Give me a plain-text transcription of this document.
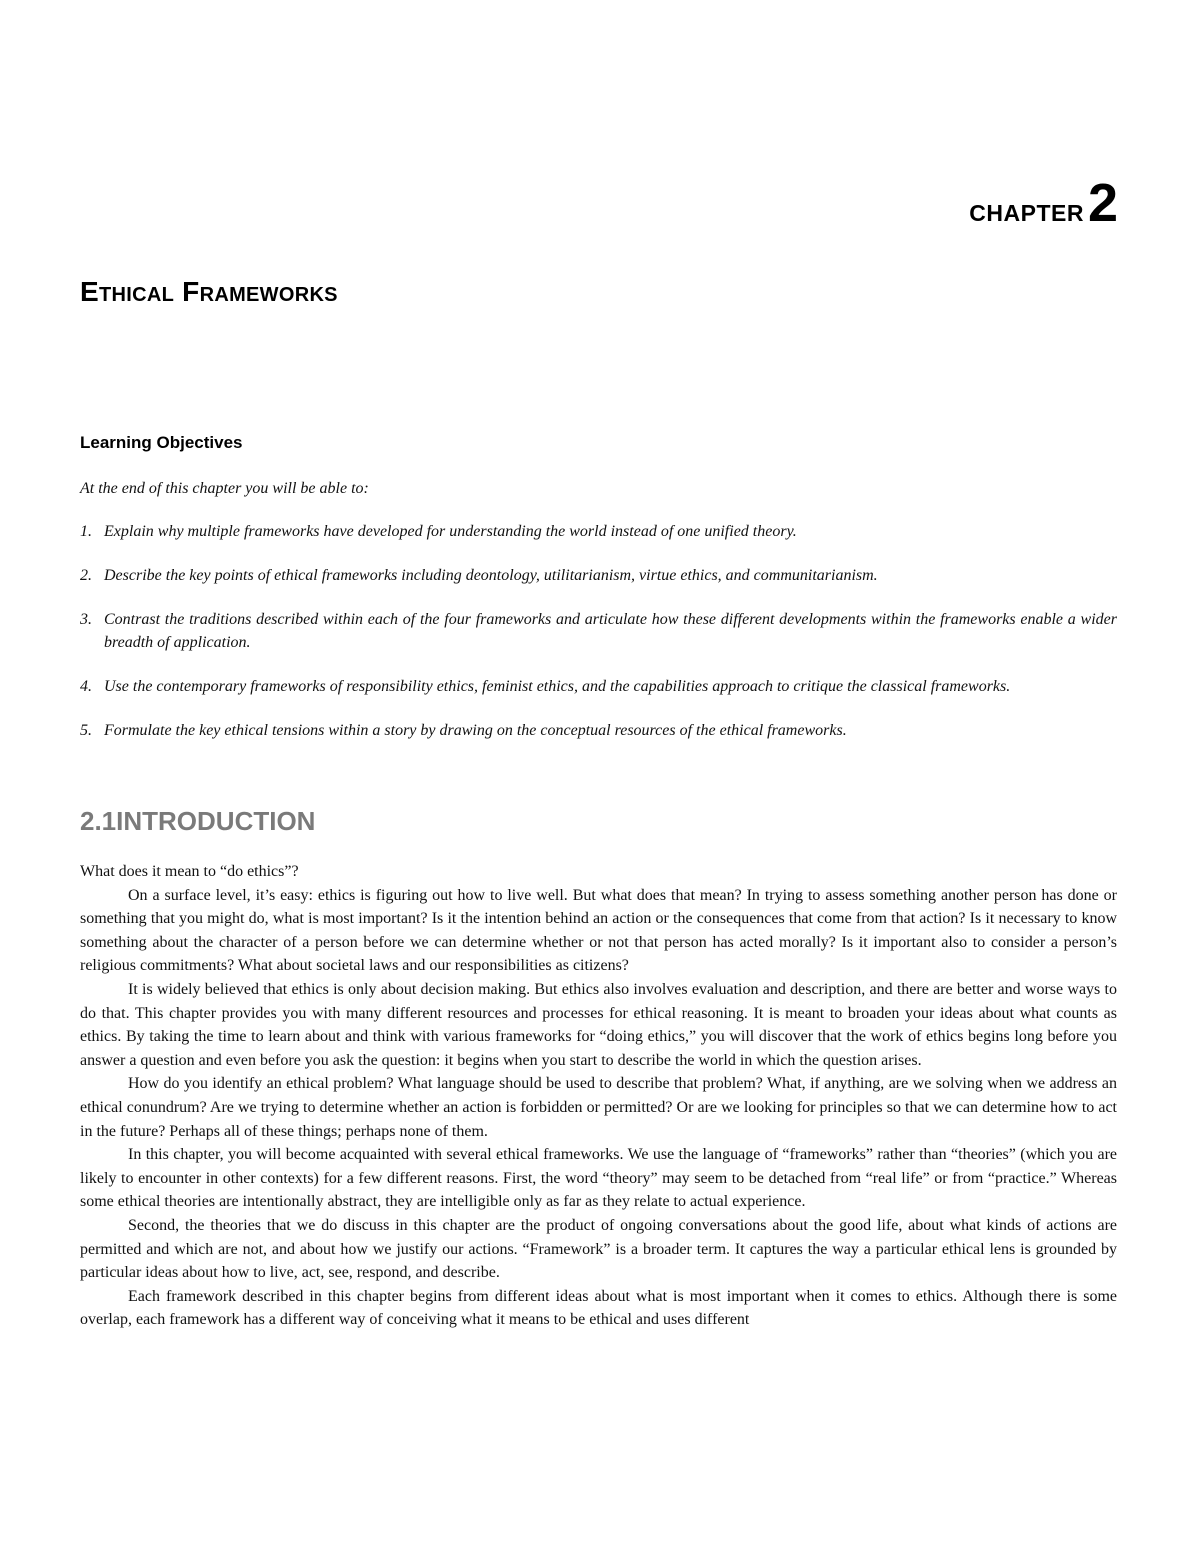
CHAPTER2
Ethical Frameworks
Learning Objectives

At the end of this chapter you will be able to:

1. Explain why multiple frameworks have developed for understanding the world instead of one unified theory.
2. Describe the key points of ethical frameworks including deontology, utilitarianism, virtue ethics, and communitarianism.
3. Contrast the traditions described within each of the four frameworks and articulate how these different developments within the frameworks enable a wider breadth of application.
4. Use the contemporary frameworks of responsibility ethics, feminist ethics, and the capabilities approach to critique the classical frameworks.
5. Formulate the key ethical tensions within a story by drawing on the conceptual resources of the ethical frameworks.
2.1INTRODUCTION

What does it mean to “do ethics”?

On a surface level, it’s easy: ethics is figuring out how to live well. But what does that mean? In trying to assess something another person has done or something that you might do, what is most important? Is it the intention behind an action or the consequences that come from that action? Is it necessary to know something about the character of a person before we can determine whether or not that person has acted morally? Is it important also to consider a person’s religious commitments? What about societal laws and our responsibilities as citizens?

It is widely believed that ethics is only about decision making. But ethics also involves evaluation and description, and there are better and worse ways to do that. This chapter provides you with many different resources and processes for ethical reasoning. It is meant to broaden your ideas about what counts as ethics. By taking the time to learn about and think with various frameworks for “doing ethics,” you will discover that the work of ethics begins long before you answer a question and even before you ask the question: it begins when you start to describe the world in which the question arises.

How do you identify an ethical problem? What language should be used to describe that problem? What, if anything, are we solving when we address an ethical conundrum? Are we trying to determine whether an action is forbidden or permitted? Or are we looking for principles so that we can determine how to act in the future? Perhaps all of these things; perhaps none of them.

In this chapter, you will become acquainted with several ethical frameworks. We use the language of “frameworks” rather than “theories” (which you are likely to encounter in other contexts) for a few different reasons. First, the word “theory” may seem to be detached from “real life” or from “practice.” Whereas some ethical theories are intentionally abstract, they are intelligible only as far as they relate to actual experience.

Second, the theories that we do discuss in this chapter are the product of ongoing conversations about the good life, about what kinds of actions are permitted and which are not, and about how we justify our actions. “Framework” is a broader term. It captures the way a particular ethical lens is grounded by particular ideas about how to live, act, see, respond, and describe.

Each framework described in this chapter begins from different ideas about what is most important when it comes to ethics. Although there is some overlap, each framework has a different way of conceiving what it means to be ethical and uses different
